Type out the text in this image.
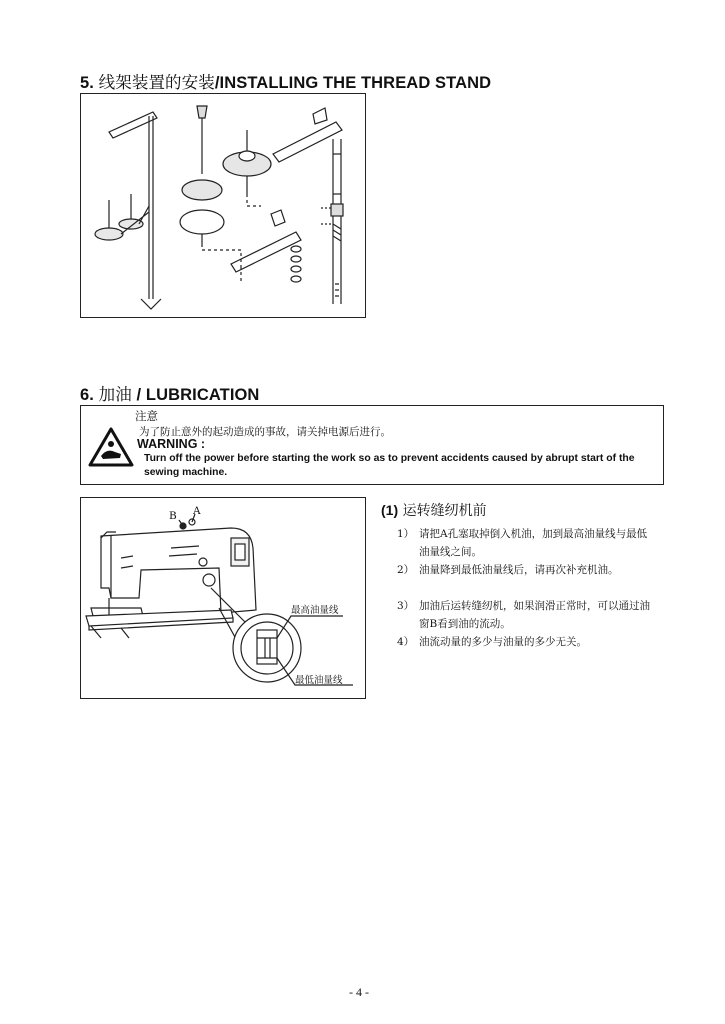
5. 线架装置的安装/INSTALLING THE THREAD STAND
6. 加油 / LUBRICATION
注意
为了防止意外的起动造成的事故，请关掉电源后进行。
WARNING :
Turn off the power before starting the work so as to prevent accidents caused by abrupt start of the sewing machine.
B A
最高油量线
最低油量线
(1) 运转缝纫机前
1） 请把A孔塞取掉倒入机油，加到最高油量线与最低油量线之间。
2） 油量降到最低油量线后，请再次补充机油。
3） 加油后运转缝纫机，如果润滑正常时，可以通过油窗B看到油的流动。
4） 油流动量的多少与油量的多少无关。
- 4 -
